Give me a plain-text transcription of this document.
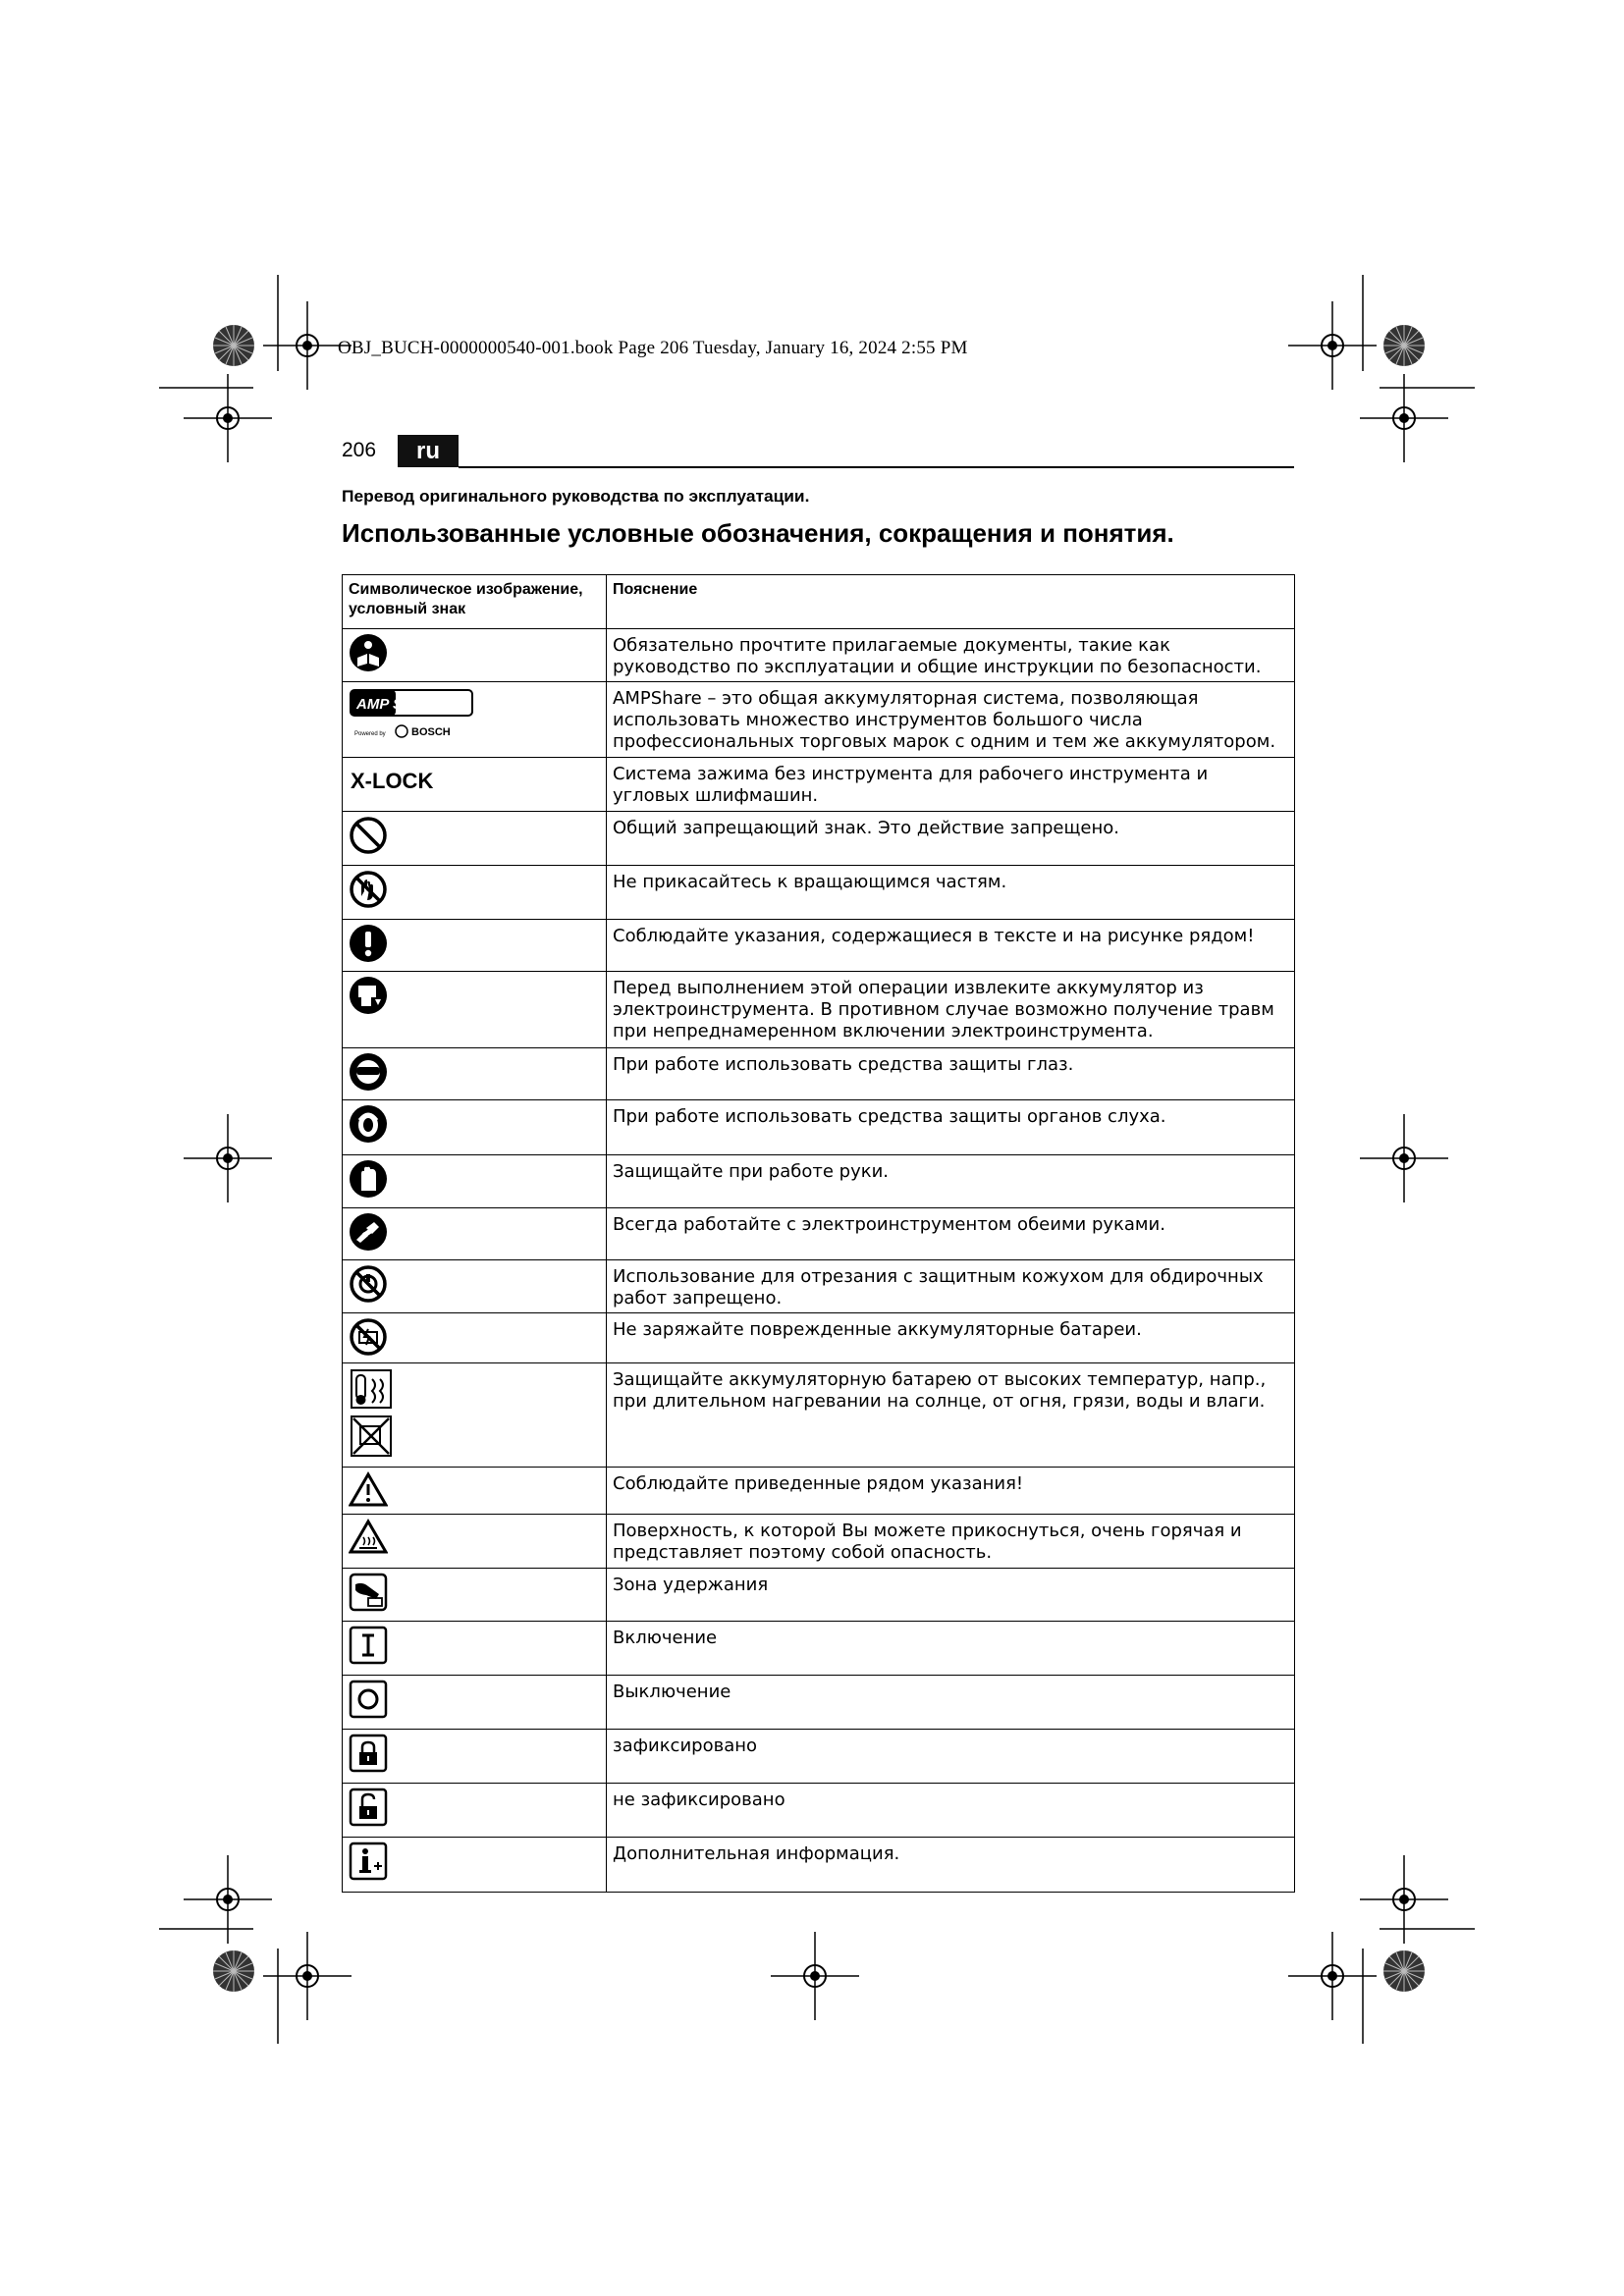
OBJ_BUCH-0000000540-001.book Page 206 Tuesday, January 16, 2024 2:55 PM
206	ru
Перевод оригинального руководства по эксплуатации.
Использованные условные обозначения, сокращения и понятия.
Символическое изображение, условный знак	Пояснение
	Обязательно прочтите прилагаемые документы, такие как руководство по эксплуатации и общие инструкции по безопасности.

AMP Share
Powered by BOSCH	AMPShare – это общая аккумуляторная система, позволяющая использовать множество инструментов большого числа профессиональных торговых марок с одним и тем же аккумулятором.

X-LOCK	Система зажима без инструмента для рабочего инструмента и угловых шлифмашин.
	Общий запрещающий знак. Это действие запрещено.
	Не прикасайтесь к вращающимся частям.
	Соблюдайте указания, содержащиеся в тексте и на рисунке рядом!
	Перед выполнением этой операции извлеките аккумулятор из электроинструмента. В противном случае возможно получение травм при непреднамеренном включении электроинструмента.
	При работе использовать средства защиты глаз.
	При работе использовать средства защиты органов слуха.
	Защищайте при работе руки.
	Всегда работайте с электроинструментом обеими руками.
	Использование для отрезания с защитным кожухом для обдирочных работ запрещено.
	Не заряжайте поврежденные аккумуляторные батареи.
	Защищайте аккумуляторную батарею от высоких температур, напр., при длительном нагревании на солнце, от огня, грязи, воды и влаги.
	Соблюдайте приведенные рядом указания!
	Поверхность, к которой Вы можете прикоснуться, очень горячая и представляет поэтому собой опасность.
	Зона удержания
	Включение
	Выключение
	зафиксировано
	не зафиксировано
	Дополнительная информация.
